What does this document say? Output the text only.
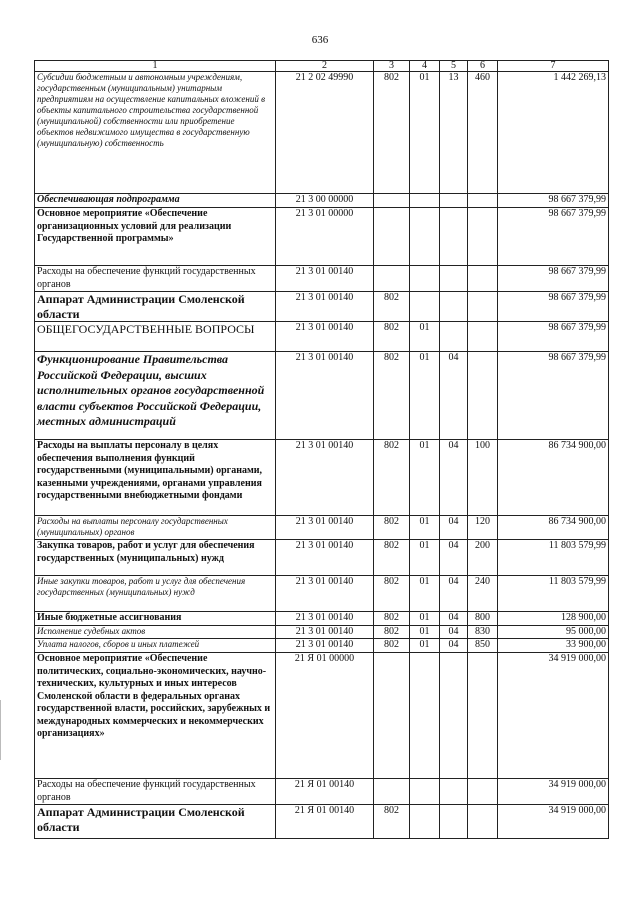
636
1	2	3	4	5	6	7
Субсидии бюджетным и автономным учреждениям, государственным (муниципальным) унитарным предприятиям на осуществление капитальных вложений в объекты капитального строительства государственной (муниципальной) собственности или приобретение объектов недвижимого имущества в государственную (муниципальную) собственность	21 2 02 49990	802	01	13	460	1 442 269,13
Обеспечивающая подпрограмма	21 3 00 00000					98 667 379,99
Основное мероприятие «Обеспечение организационных условий для реализации Государственной программы»	21 3 01 00000					98 667 379,99
Расходы на обеспечение функций государственных органов	21 3 01 00140					98 667 379,99
Аппарат Администрации Смоленской области	21 3 01 00140	802				98 667 379,99
ОБЩЕГОСУДАРСТВЕННЫЕ ВОПРОСЫ	21 3 01 00140	802	01			98 667 379,99
Функционирование Правительства Российской Федерации, высших исполнительных органов государственной власти субъектов Российской Федерации, местных администраций	21 3 01 00140	802	01	04		98 667 379,99
Расходы на выплаты персоналу в целях обеспечения выполнения функций государственными (муниципальными) органами, казенными учреждениями, органами управления государственными внебюджетными фондами	21 3 01 00140	802	01	04	100	86 734 900,00
Расходы на выплаты персоналу государственных (муниципальных) органов	21 3 01 00140	802	01	04	120	86 734 900,00
Закупка товаров, работ и услуг для обеспечения государственных (муниципальных) нужд	21 3 01 00140	802	01	04	200	11 803 579,99
Иные закупки товаров, работ и услуг для обеспечения государственных (муниципальных) нужд	21 3 01 00140	802	01	04	240	11 803 579,99
Иные бюджетные ассигнования	21 3 01 00140	802	01	04	800	128 900,00
Исполнение судебных актов	21 3 01 00140	802	01	04	830	95 000,00
Уплата налогов, сборов и иных платежей	21 3 01 00140	802	01	04	850	33 900,00
Основное мероприятие «Обеспечение политических, социально-экономических, научно-технических, культурных и иных интересов Смоленской области в федеральных органах государственной власти, российских, зарубежных и международных коммерческих и некоммерческих организациях»	21 Я 01 00000					34 919 000,00
Расходы на обеспечение функций государственных органов	21 Я 01 00140					34 919 000,00
Аппарат Администрации Смоленской области	21 Я 01 00140	802				34 919 000,00
